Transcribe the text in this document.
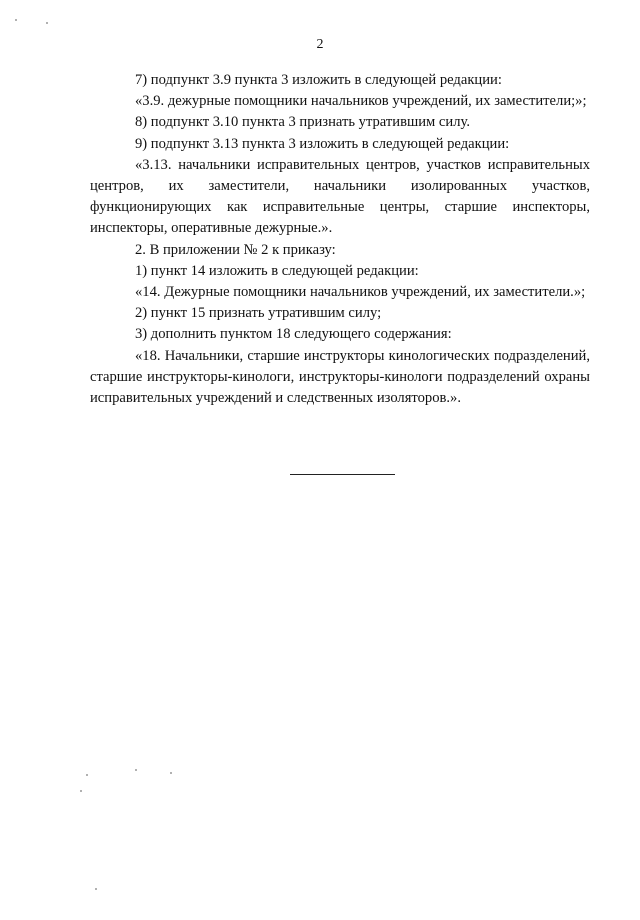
2

7) подпункт 3.9 пункта 3 изложить в следующей редакции:

«3.9. дежурные помощники начальников учреждений, их заместители;»;

8) подпункт 3.10 пункта 3 признать утратившим силу.

9) подпункт 3.13 пункта 3 изложить в следующей редакции:

«3.13. начальники исправительных центров, участков исправительных центров, их заместители, начальники изолированных участков, функционирующих как исправительные центры, старшие инспекторы, инспекторы, оперативные дежурные.».

2. В приложении № 2 к приказу:

1) пункт 14 изложить в следующей редакции:

«14. Дежурные помощники начальников учреждений, их заместители.»;

2) пункт 15 признать утратившим силу;

3) дополнить пунктом 18 следующего содержания:

«18. Начальники, старшие инструкторы кинологических подразделений, старшие инструкторы-кинологи, инструкторы-кинологи подразделений охраны исправительных учреждений и следственных изоляторов.».
